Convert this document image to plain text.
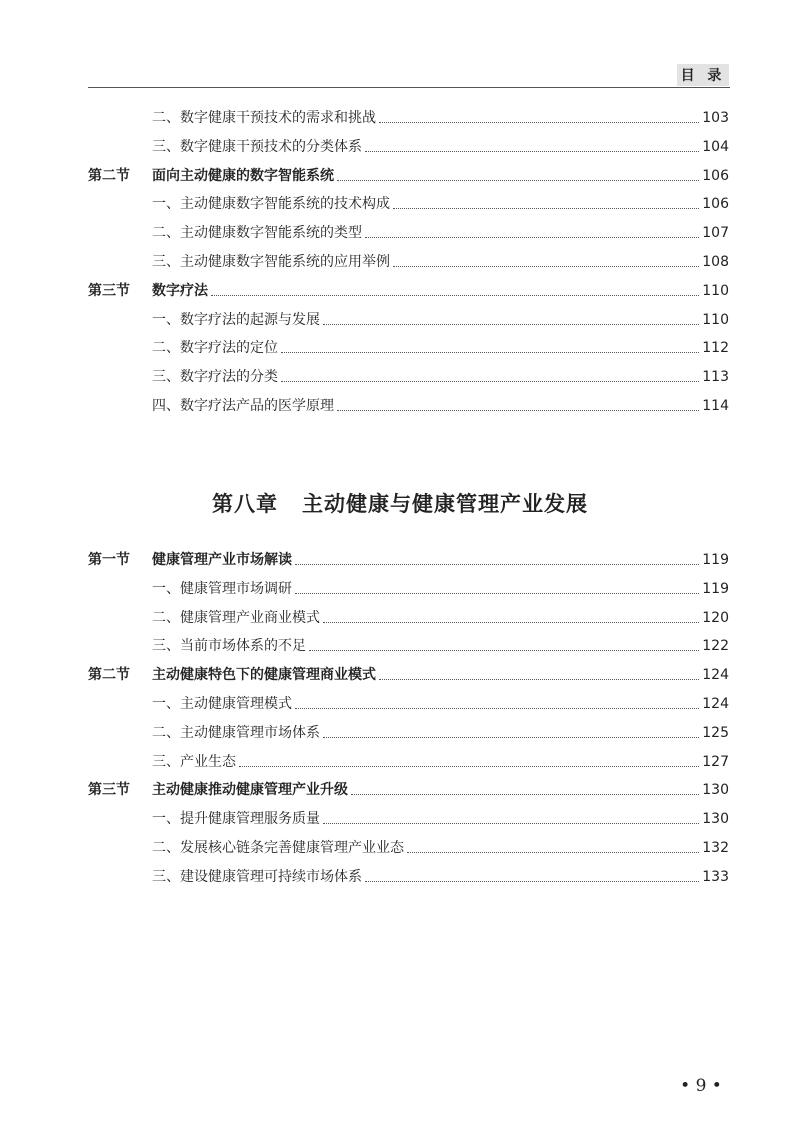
目 录
二、数字健康干预技术的需求和挑战	103
三、数字健康干预技术的分类体系	104
第二节	面向主动健康的数字智能系统	106
一、主动健康数字智能系统的技术构成	106
二、主动健康数字智能系统的类型	107
三、主动健康数字智能系统的应用举例	108
第三节	数字疗法	110
一、数字疗法的起源与发展	110
二、数字疗法的定位	112
三、数字疗法的分类	113
四、数字疗法产品的医学原理	114
第八章 主动健康与健康管理产业发展
第一节	健康管理产业市场解读	119
一、健康管理市场调研	119
二、健康管理产业商业模式	120
三、当前市场体系的不足	122
第二节	主动健康特色下的健康管理商业模式	124
一、主动健康管理模式	124
二、主动健康管理市场体系	125
三、产业生态	127
第三节	主动健康推动健康管理产业升级	130
一、提升健康管理服务质量	130
二、发展核心链条完善健康管理产业业态	132
三、建设健康管理可持续市场体系	133
• 9 •
